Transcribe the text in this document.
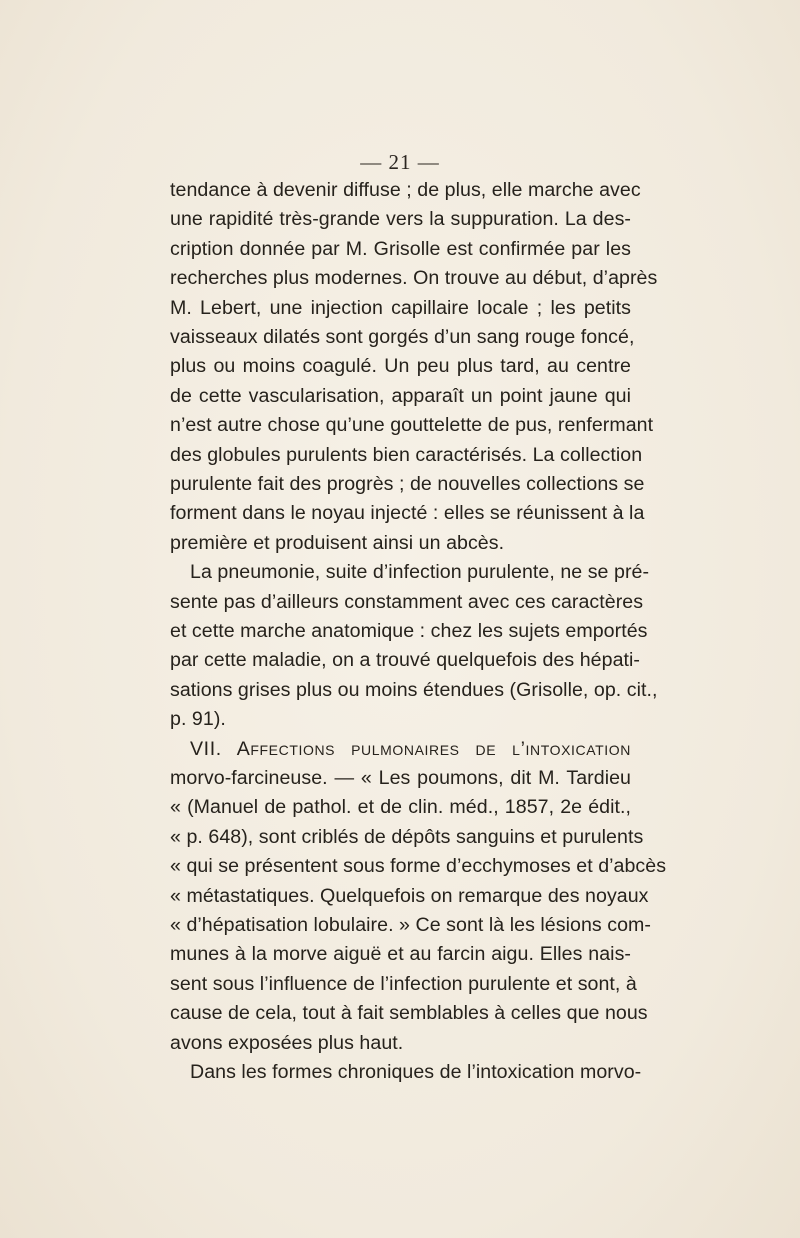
— 21 —
tendance à devenir diffuse ; de plus, elle marche avec
une rapidité très-grande vers la suppuration. La des-
cription donnée par M. Grisolle est confirmée par les
recherches plus modernes. On trouve au début, d’après
M. Lebert, une injection capillaire locale ; les petits
vaisseaux dilatés sont gorgés d’un sang rouge foncé,
plus ou moins coagulé. Un peu plus tard, au centre
de cette vascularisation, apparaît un point jaune qui
n’est autre chose qu’une gouttelette de pus, renfermant
des globules purulents bien caractérisés. La collection
purulente fait des progrès ; de nouvelles collections se
forment dans le noyau injecté : elles se réunissent à la
première et produisent ainsi un abcès.
La pneumonie, suite d’infection purulente, ne se pré-
sente pas d’ailleurs constamment avec ces caractères
et cette marche anatomique : chez les sujets emportés
par cette maladie, on a trouvé quelquefois des hépati-
sations grises plus ou moins étendues (Grisolle, op. cit.,
p. 91).
VII. Affections pulmonaires de l’intoxication
morvo-farcineuse. — « Les poumons, dit M. Tardieu
« (Manuel de pathol. et de clin. méd., 1857, 2e édit.,
« p. 648), sont criblés de dépôts sanguins et purulents
« qui se présentent sous forme d’ecchymoses et d’abcès
« métastatiques. Quelquefois on remarque des noyaux
« d’hépatisation lobulaire. » Ce sont là les lésions com-
munes à la morve aiguë et au farcin aigu. Elles nais-
sent sous l’influence de l’infection purulente et sont, à
cause de cela, tout à fait semblables à celles que nous
avons exposées plus haut.
Dans les formes chroniques de l’intoxication morvo-
